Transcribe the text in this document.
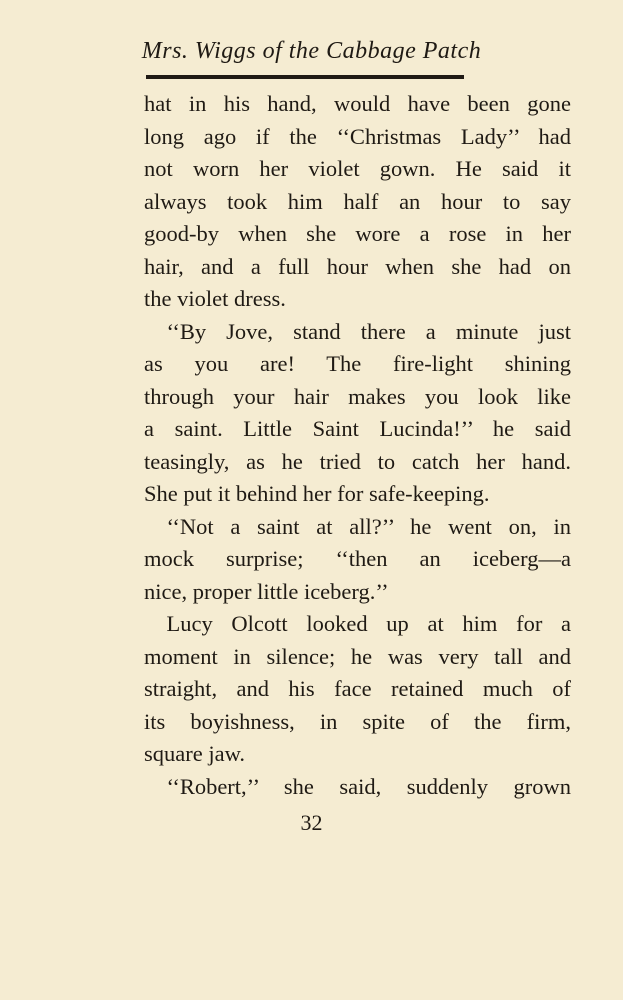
Mrs. Wiggs of the Cabbage Patch
hat in his hand, would have been gone
long ago if the ‘‘Christmas Lady’’ had
not worn her violet gown. He said it
always took him half an hour to say
good-by when she wore a rose in her
hair, and a full hour when she had on
the violet dress.
 ‘‘By Jove, stand there a minute just
as you are! The fire-light shining
through your hair makes you look like
a saint. Little Saint Lucinda!’’ he said
teasingly, as he tried to catch her hand.
She put it behind her for safe-keeping.
 ‘‘Not a saint at all?’’ he went on, in
mock surprise; ‘‘then an iceberg—a
nice, proper little iceberg.’’
 Lucy Olcott looked up at him for a
moment in silence; he was very tall and
straight, and his face retained much of
its boyishness, in spite of the firm,
square jaw.
 ‘‘Robert,’’ she said, suddenly grown
32
